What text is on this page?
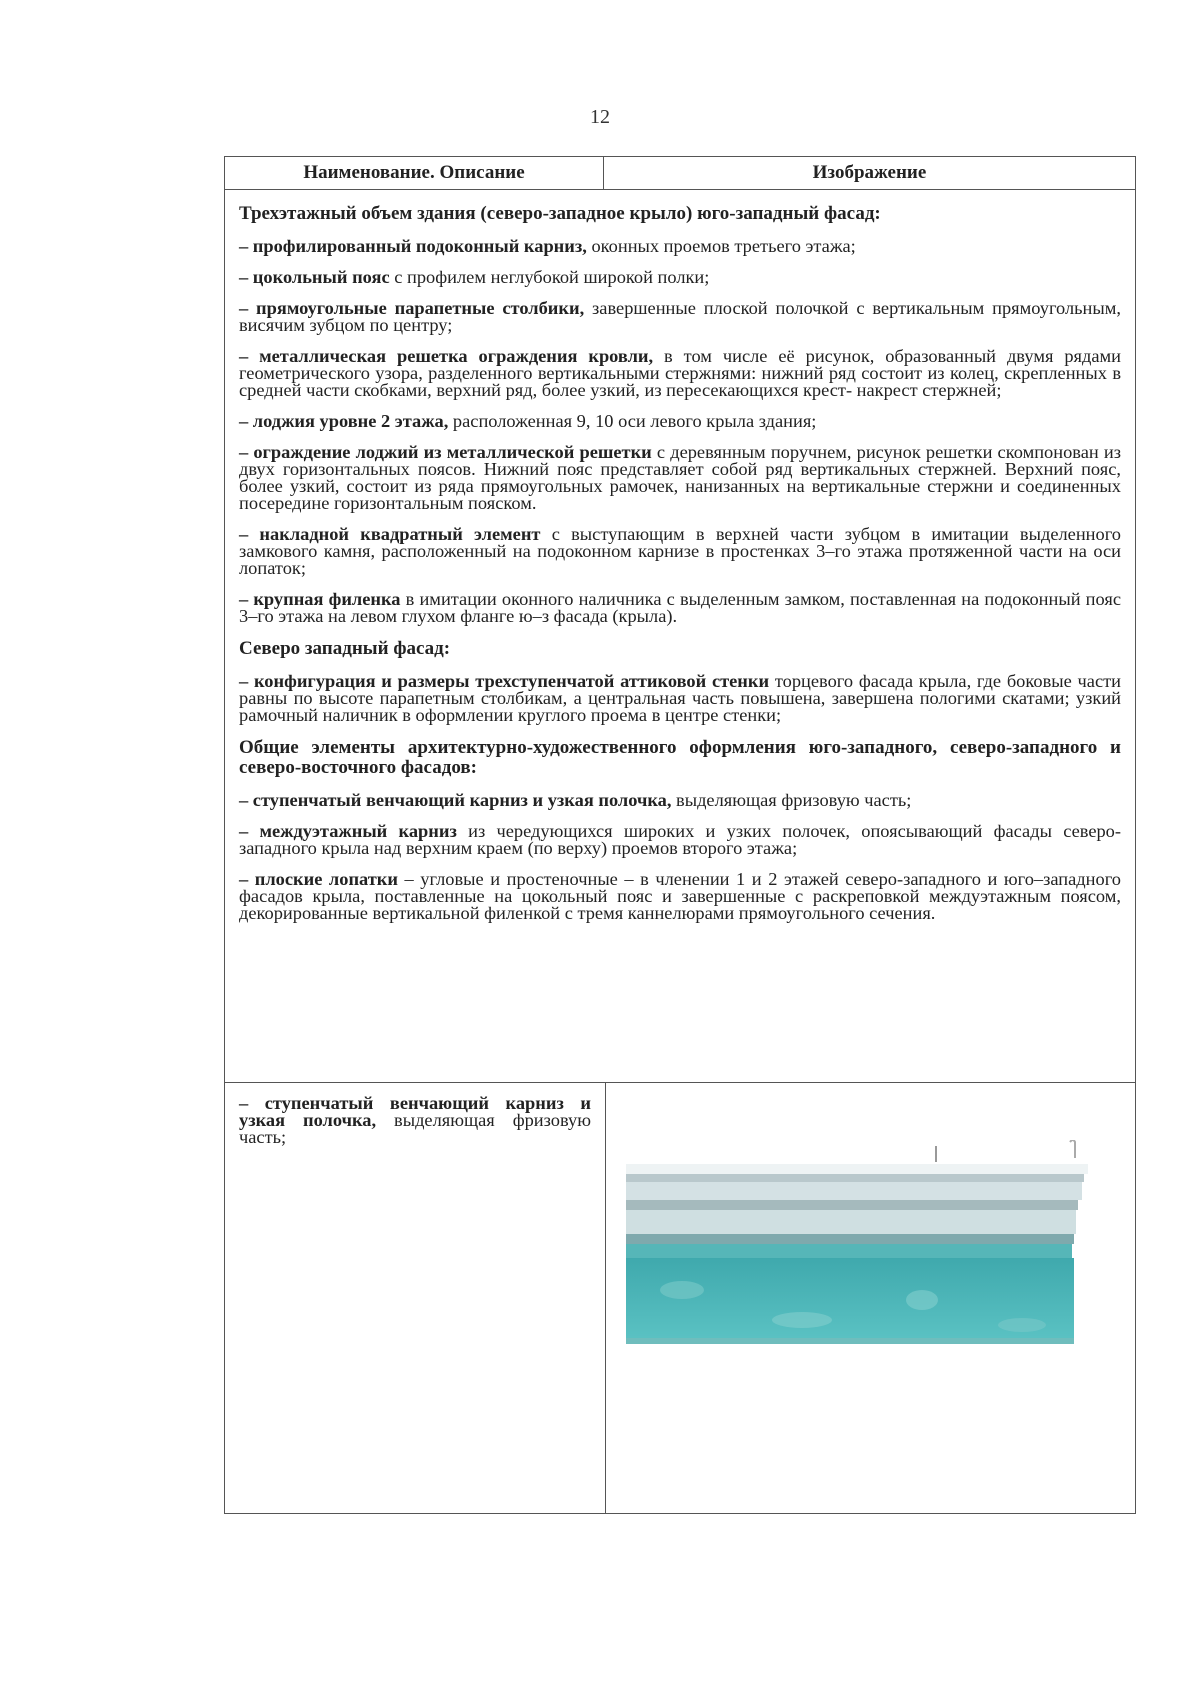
12
Наименование. Описание	Изображение

Трехэтажный объем здания (северо-западное крыло) юго-западный фасад:

– профилированный подоконный карниз, оконных проемов третьего этажа;

– цокольный пояс с профилем неглубокой широкой полки;

– прямоугольные парапетные столбики, завершенные плоской полочкой с вертикальным прямоугольным, висячим зубцом по центру;

– металлическая решетка ограждения кровли, в том числе её рисунок, образованный двумя рядами геометрического узора, разделенного вертикальными стержнями: нижний ряд состоит из колец, скрепленных в средней части скобками, верхний ряд, более узкий, из пересекающихся крест- накрест стержней;

– лоджия уровне 2 этажа, расположенная 9, 10 оси левого крыла здания;

– ограждение лоджий из металлической решетки с деревянным поручнем, рисунок решетки скомпонован из двух горизонтальных поясов. Нижний пояс представляет собой ряд вертикальных стержней. Верхний пояс, более узкий, состоит из ряда прямоугольных рамочек, нанизанных на вертикальные стержни и соединенных посередине горизонтальным пояском.

– накладной квадратный элемент с выступающим в верхней части зубцом в имитации выделенного замкового камня, расположенный на подоконном карнизе в простенках 3–го этажа протяженной части на оси лопаток;

– крупная филенка в имитации оконного наличника с выделенным замком, поставленная на подоконный пояс 3–го этажа на левом глухом фланге ю–з фасада (крыла).

Северо западный фасад:

– конфигурация и размеры трехступенчатой аттиковой стенки торцевого фасада крыла, где боковые части равны по высоте парапетным столбикам, а центральная часть повышена, завершена пологими скатами; узкий рамочный наличник в оформлении круглого проема в центре стенки;

Общие элементы архитектурно-художественного оформления юго-западного, северо-западного и северо-восточного фасадов:

– ступенчатый венчающий карниз и узкая полочка, выделяющая фризовую часть;

– междуэтажный карниз из чередующихся широких и узких полочек, опоясывающий фасады северо-западного крыла над верхним краем (по верху) проемов второго этажа;

– плоские лопатки – угловые и простеночные – в членении 1 и 2 этажей северо-западного и юго–западного фасадов крыла, поставленные на цокольный пояс и завершенные с раскреповкой междуэтажным поясом, декорированные вертикальной филенкой с тремя каннелюрами прямоугольного сечения.

– ступенчатый венчающий карниз и узкая полочка, выделяющая фризовую часть;
